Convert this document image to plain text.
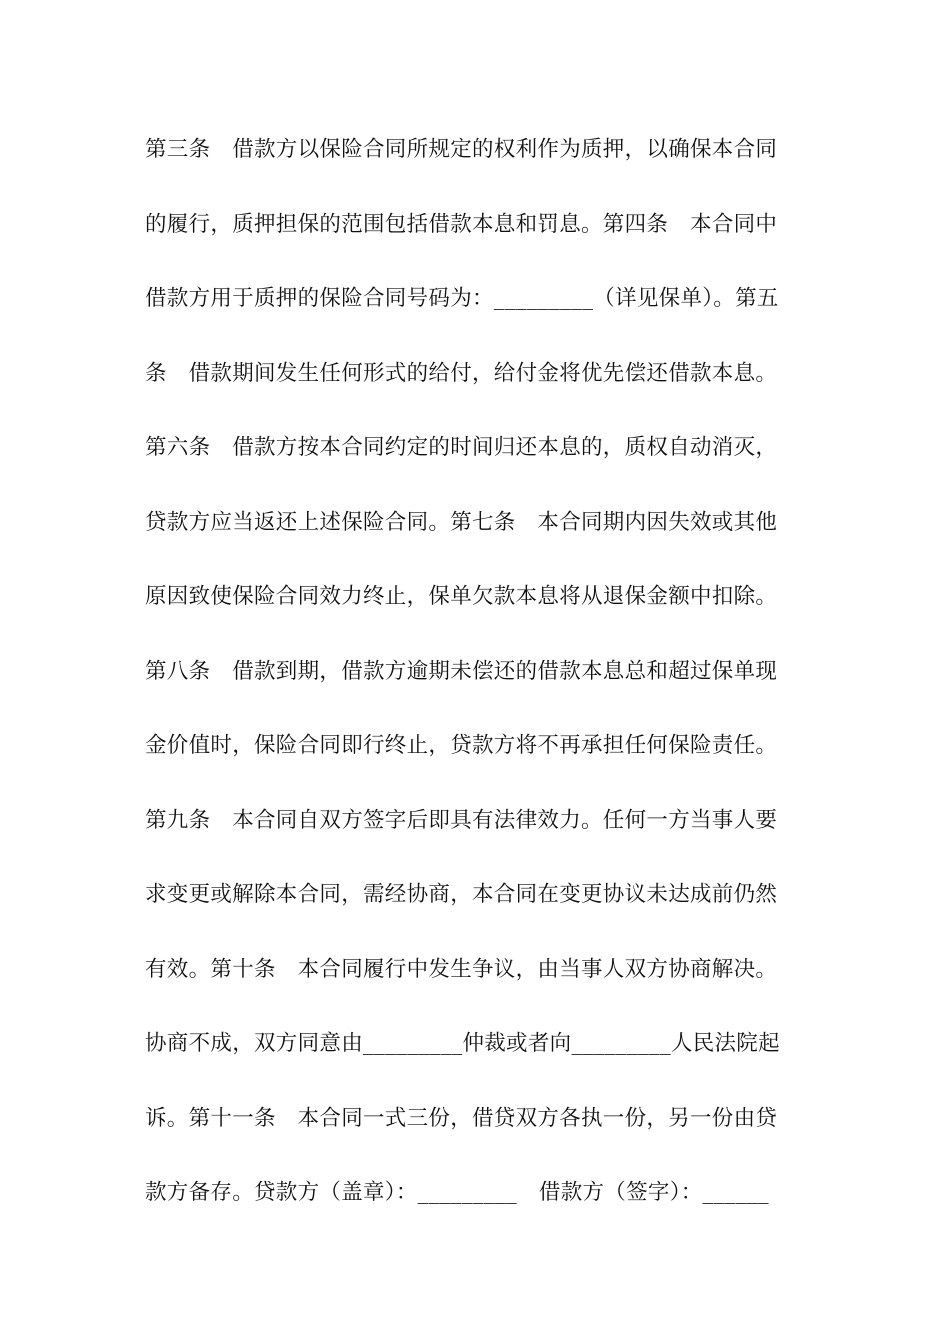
第三条　借款方以保险合同所规定的权利作为质押，以确保本合同
的履行，质押担保的范围包括借款本息和罚息。第四条　本合同中
借款方用于质押的保险合同号码为：_________（详见保单）。第五
条　借款期间发生任何形式的给付，给付金将优先偿还借款本息。
第六条　借款方按本合同约定的时间归还本息的，质权自动消灭，
贷款方应当返还上述保险合同。第七条　本合同期内因失效或其他
原因致使保险合同效力终止，保单欠款本息将从退保金额中扣除。
第八条　借款到期，借款方逾期未偿还的借款本息总和超过保单现
金价值时，保险合同即行终止，贷款方将不再承担任何保险责任。
第九条　本合同自双方签字后即具有法律效力。任何一方当事人要
求变更或解除本合同，需经协商，本合同在变更协议未达成前仍然
有效。第十条　本合同履行中发生争议，由当事人双方协商解决。
协商不成，双方同意由_________仲裁或者向_________人民法院起
诉。第十一条　本合同一式三份，借贷双方各执一份，另一份由贷
款方备存。贷款方（盖章）：_________　借款方（签字）：______
